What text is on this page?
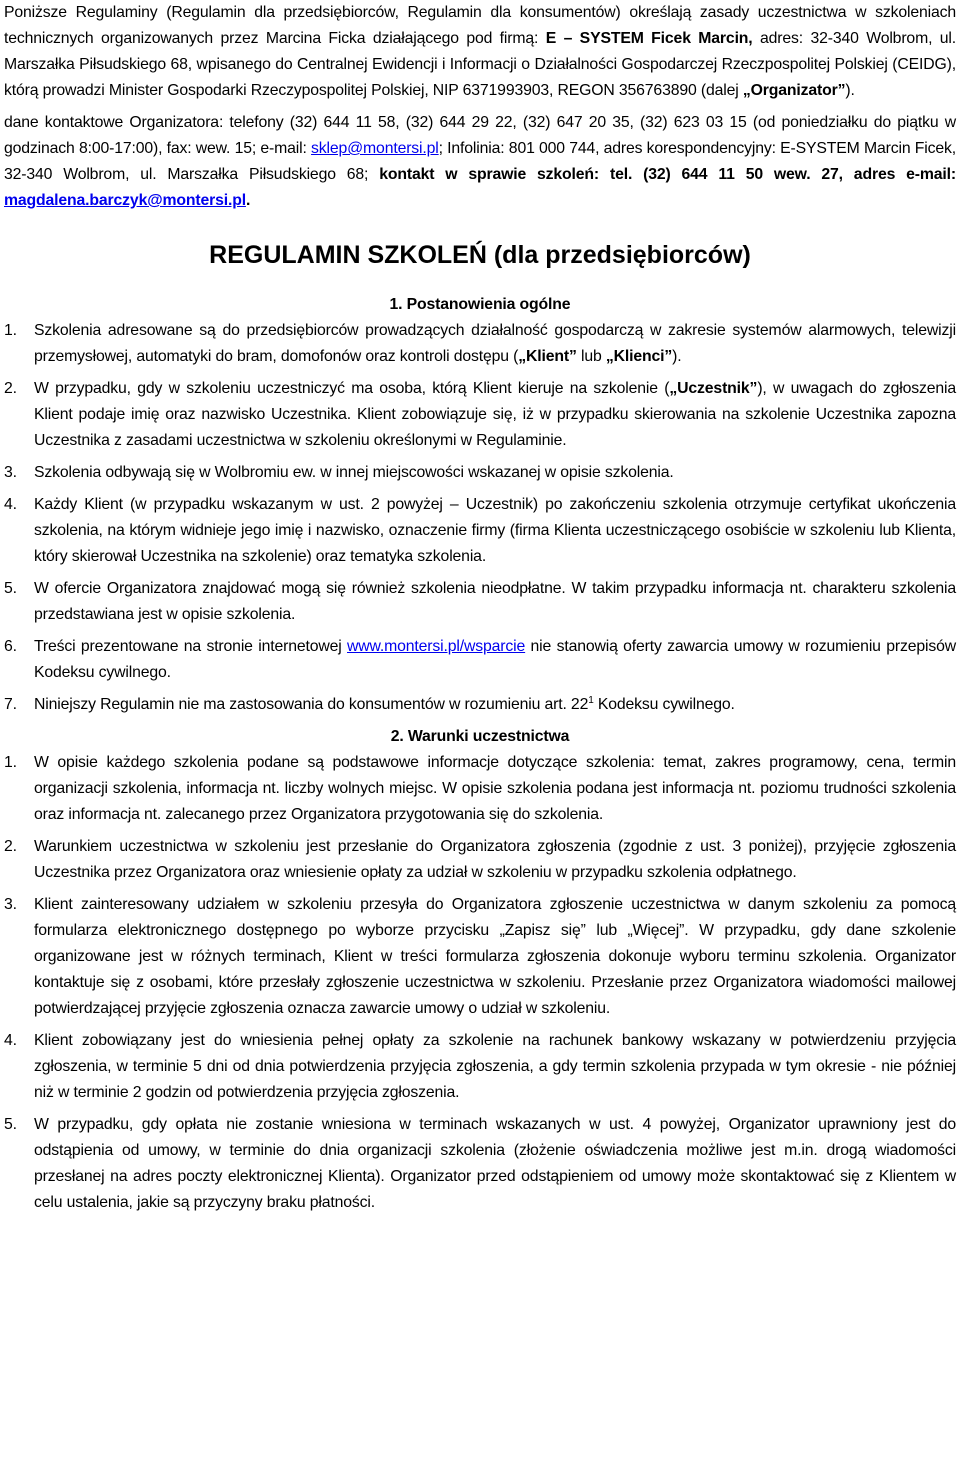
Poniższe Regulaminy (Regulamin dla przedsiębiorców, Regulamin dla konsumentów) określają zasady uczestnictwa w szkoleniach technicznych organizowanych przez Marcina Ficka działającego pod firmą: E – SYSTEM Ficek Marcin, adres: 32-340 Wolbrom, ul. Marszałka Piłsudskiego 68, wpisanego do Centralnej Ewidencji i Informacji o Działalności Gospodarczej Rzeczpospolitej Polskiej (CEIDG), którą prowadzi Minister Gospodarki Rzeczypospolitej Polskiej, NIP 6371993903, REGON 356763890 (dalej „Organizator”).

dane kontaktowe Organizatora: telefony (32) 644 11 58, (32) 644 29 22, (32) 647 20 35, (32) 623 03 15 (od poniedziałku do piątku w godzinach 8:00-17:00), fax: wew. 15; e-mail: sklep@montersi.pl; Infolinia: 801 000 744, adres korespondencyjny: E-SYSTEM Marcin Ficek, 32-340 Wolbrom, ul. Marszałka Piłsudskiego 68; kontakt w sprawie szkoleń: tel. (32) 644 11 50 wew. 27, adres e-mail: magdalena.barczyk@montersi.pl.

REGULAMIN SZKOLEŃ (dla przedsiębiorców)
1. Postanowienia ogólne
1. Szkolenia adresowane są do przedsiębiorców prowadzących działalność gospodarczą w zakresie systemów alarmowych, telewizji przemysłowej, automatyki do bram, domofonów oraz kontroli dostępu („Klient” lub „Klienci”).
2. W przypadku, gdy w szkoleniu uczestniczyć ma osoba, którą Klient kieruje na szkolenie („Uczestnik”), w uwagach do zgłoszenia Klient podaje imię oraz nazwisko Uczestnika. Klient zobowiązuje się, iż w przypadku skierowania na szkolenie Uczestnika zapozna Uczestnika z zasadami uczestnictwa w szkoleniu określonymi w Regulaminie.
3. Szkolenia odbywają się w Wolbromiu ew. w innej miejscowości wskazanej w opisie szkolenia.
4. Każdy Klient (w przypadku wskazanym w ust. 2 powyżej – Uczestnik) po zakończeniu szkolenia otrzymuje certyfikat ukończenia szkolenia, na którym widnieje jego imię i nazwisko, oznaczenie firmy (firma Klienta uczestniczącego osobiście w szkoleniu lub Klienta, który skierował Uczestnika na szkolenie) oraz tematyka szkolenia.
5. W ofercie Organizatora znajdować mogą się również szkolenia nieodpłatne. W takim przypadku informacja nt. charakteru szkolenia przedstawiana jest w opisie szkolenia.
6. Treści prezentowane na stronie internetowej www.montersi.pl/wsparcie nie stanowią oferty zawarcia umowy w rozumieniu przepisów Kodeksu cywilnego.
7. Niniejszy Regulamin nie ma zastosowania do konsumentów w rozumieniu art. $22^1$ Kodeksu cywilnego.
2. Warunki uczestnictwa
1. W opisie każdego szkolenia podane są podstawowe informacje dotyczące szkolenia: temat, zakres programowy, cena, termin organizacji szkolenia, informacja nt. liczby wolnych miejsc. W opisie szkolenia podana jest informacja nt. poziomu trudności szkolenia oraz informacja nt. zalecanego przez Organizatora przygotowania się do szkolenia.
2. Warunkiem uczestnictwa w szkoleniu jest przesłanie do Organizatora zgłoszenia (zgodnie z ust. 3 poniżej), przyjęcie zgłoszenia Uczestnika przez Organizatora oraz wniesienie opłaty za udział w szkoleniu w przypadku szkolenia odpłatnego.
3. Klient zainteresowany udziałem w szkoleniu przesyła do Organizatora zgłoszenie uczestnictwa w danym szkoleniu za pomocą formularza elektronicznego dostępnego po wyborze przycisku „Zapisz się” lub „Więcej”. W przypadku, gdy dane szkolenie organizowane jest w różnych terminach, Klient w treści formularza zgłoszenia dokonuje wyboru terminu szkolenia. Organizator kontaktuje się z osobami, które przesłały zgłoszenie uczestnictwa w szkoleniu. Przesłanie przez Organizatora wiadomości mailowej potwierdzającej przyjęcie zgłoszenia oznacza zawarcie umowy o udział w szkoleniu.
4. Klient zobowiązany jest do wniesienia pełnej opłaty za szkolenie na rachunek bankowy wskazany w potwierdzeniu przyjęcia zgłoszenia, w terminie 5 dni od dnia potwierdzenia przyjęcia zgłoszenia, a gdy termin szkolenia przypada w tym okresie - nie później niż w terminie 2 godzin od potwierdzenia przyjęcia zgłoszenia.
5. W przypadku, gdy opłata nie zostanie wniesiona w terminach wskazanych w ust. 4 powyżej, Organizator uprawniony jest do odstąpienia od umowy, w terminie do dnia organizacji szkolenia (złożenie oświadczenia możliwe jest m.in. drogą wiadomości przesłanej na adres poczty elektronicznej Klienta). Organizator przed odstąpieniem od umowy może skontaktować się z Klientem w celu ustalenia, jakie są przyczyny braku płatności.
